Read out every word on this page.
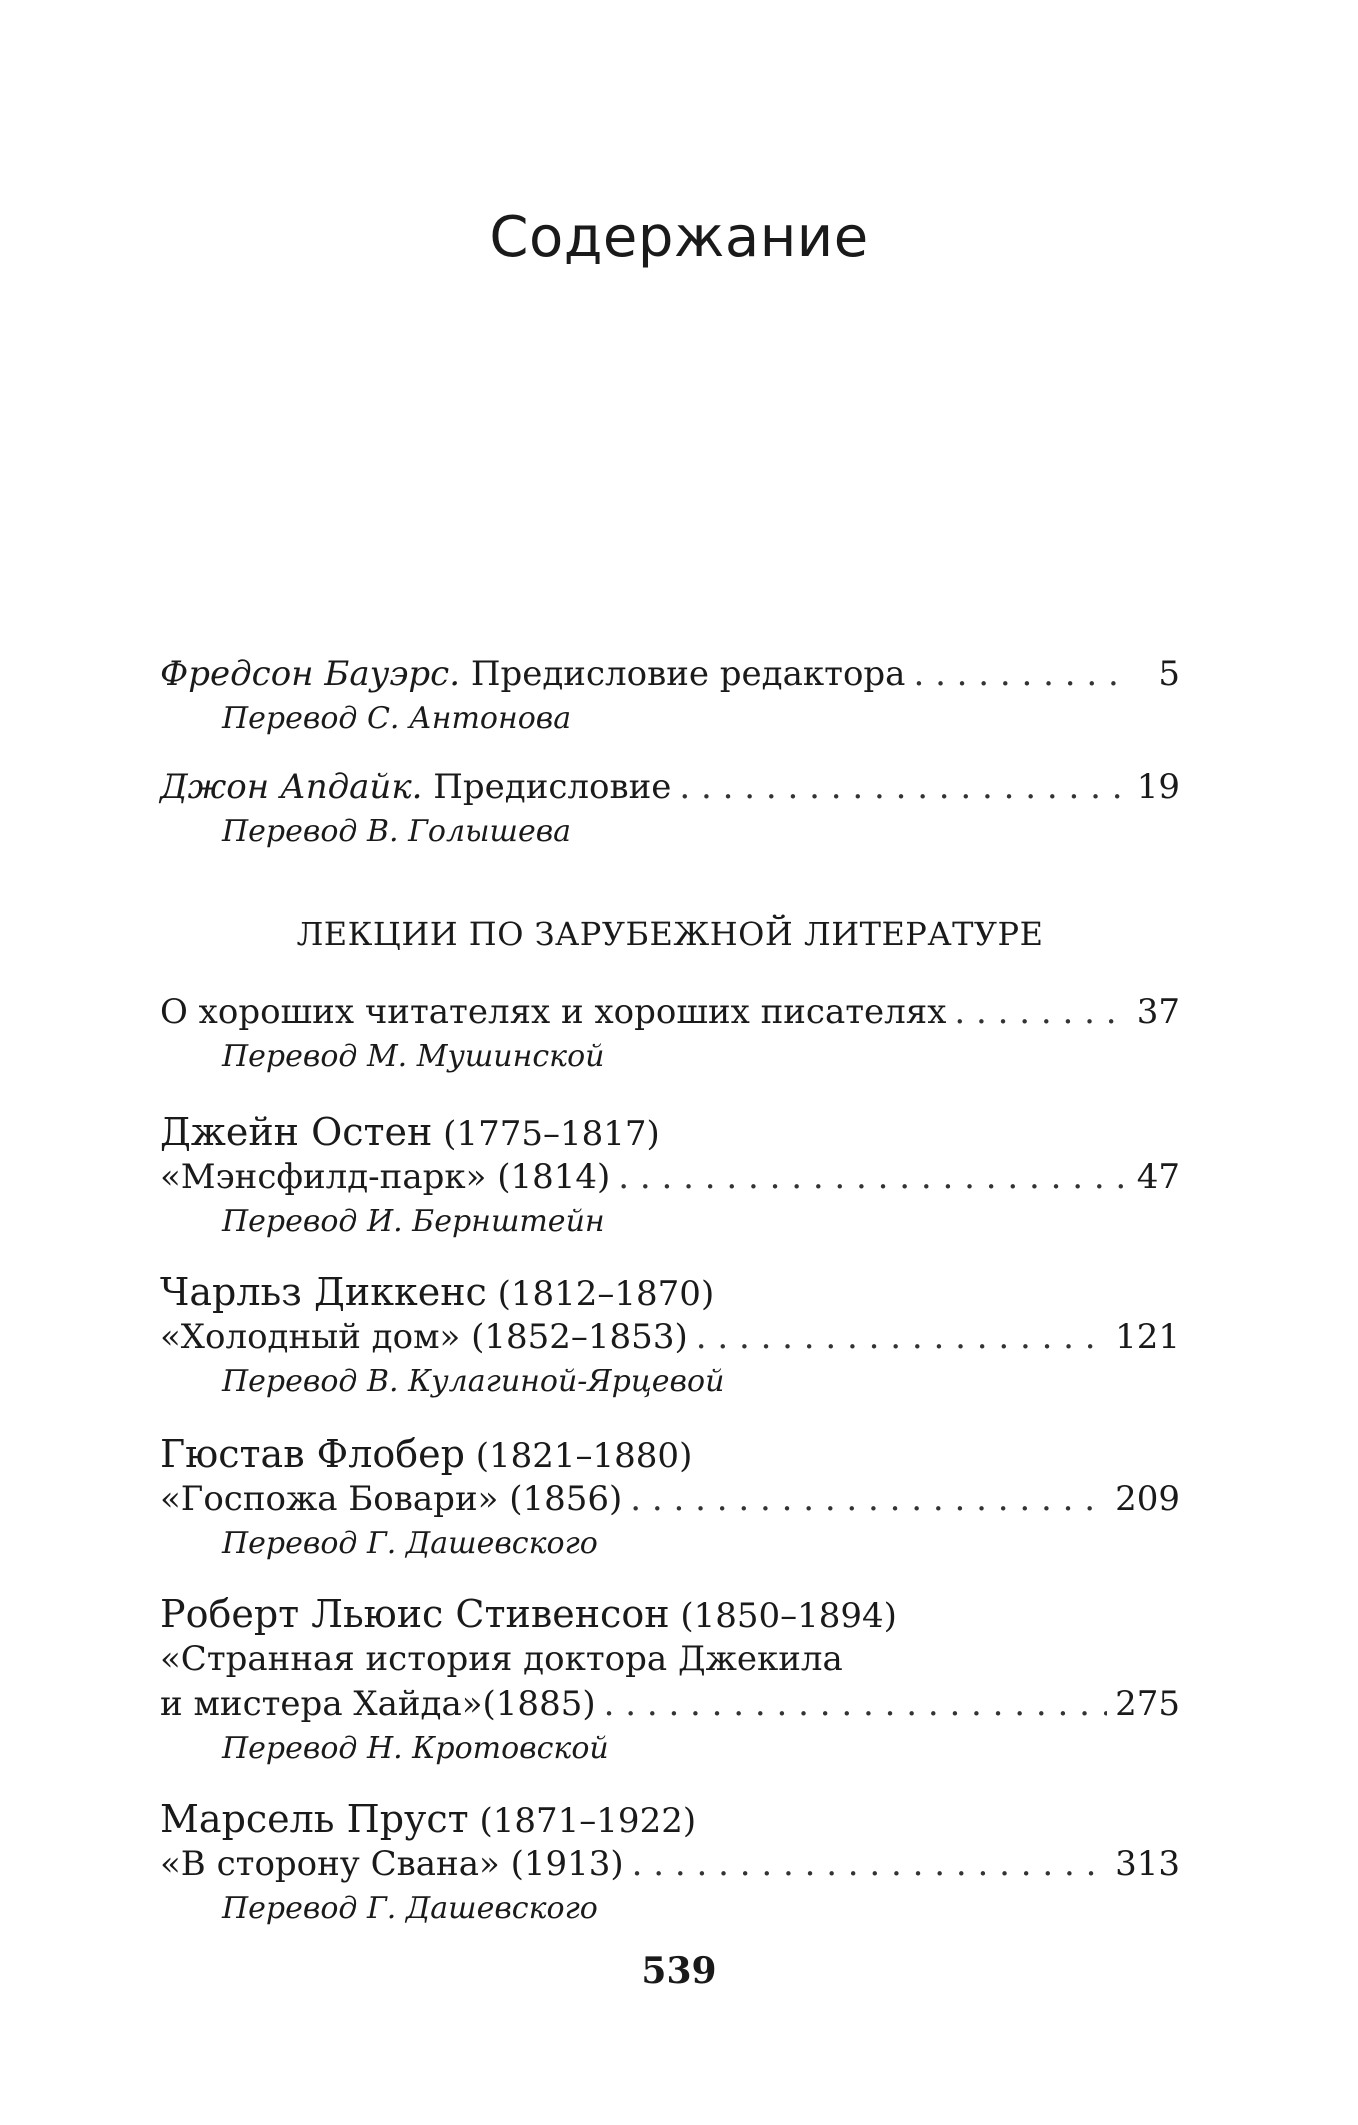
Содержание
Фредсон Бауэрс. Предисловие редактора . . .	5
Перевод С. Антонова
Джон Апдайк. Предисловие . . .	19
Перевод В. Голышева
ЛЕКЦИИ ПО ЗАРУБЕЖНОЙ ЛИТЕРАТУРЕ
О хороших читателях и хороших писателях . . .	37
Перевод М. Мушинской
Джейн Остен (1775–1817)
«Мэнсфилд-парк» (1814) . . .	47
Перевод И. Бернштейн
Чарльз Диккенс (1812–1870)
«Холодный дом» (1852–1853) . . .	121
Перевод В. Кулагиной-Ярцевой
Гюстав Флобер (1821–1880)
«Госпожа Бовари» (1856) . . .	209
Перевод Г. Дашевского
Роберт Льюис Стивенсон (1850–1894)
«Странная история доктора Джекила
и мистера Хайда»(1885) . . .	275
Перевод Н. Кротовской
Марсель Пруст (1871–1922)
«В сторону Свана» (1913) . . .	313
Перевод Г. Дашевского
539
